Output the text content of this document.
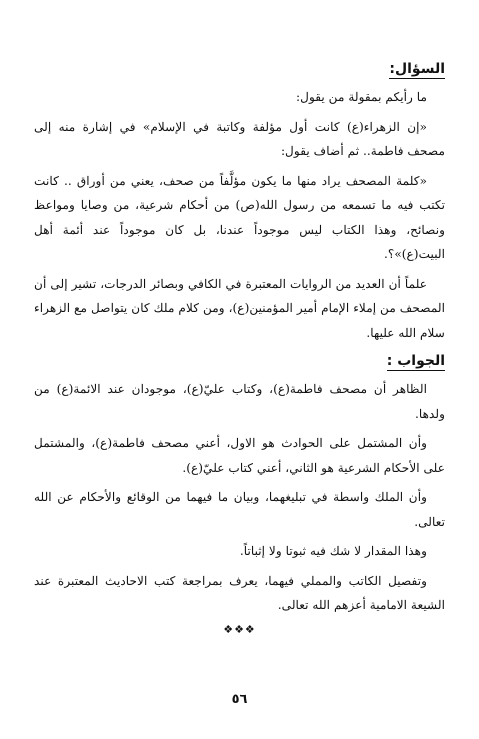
السؤال:

ما رأيكم بمقولة من يقول:

«إن الزهراء(ع) كانت أول مؤلفة وكاتبة في الإسلام» في إشارة منه إلى مصحف فاطمة.. ثم أضاف يقول:

«كلمة المصحف يراد منها ما يكون مؤلَّفاً من صحف، يعني من أوراق .. كانت تكتب فيه ما تسمعه من رسول الله(ص) من أحكام شرعية، من وصايا ومواعظ ونصائح، وهذا الكتاب ليس موجوداً عندنا، بل كان موجوداً عند أئمة أهل البيت(ع)»؟.

علماً أن العديد من الروايات المعتبرة في الكافي وبصائر الدرجات، تشير إلى أن المصحف من إملاء الإمام أمير المؤمنين(ع)، ومن كلام ملك كان يتواصل مع الزهراء سلام الله عليها.

الجواب :

الظاهر أن مصحف فاطمة(ع)، وكتاب عليّ(ع)، موجودان عند الائمة(ع) من ولدها.

وأن المشتمل على الحوادث هو الاول، أعني مصحف فاطمة(ع)، والمشتمل على الأحكام الشرعية هو الثاني، أعني كتاب عليّ(ع).

وأن الملك واسطة في تبليغهما، وبيان ما فيهما من الوقائع والأحكام عن الله تعالى.

وهذا المقدار لا شك فيه ثبوتا ولا إثباتاً.

وتفصيل الكاتب والمملي فيهما، يعرف بمراجعة كتب الاحاديث المعتبرة عند الشيعة الامامية أعزهم الله تعالى.

❖❖❖
٥٦
